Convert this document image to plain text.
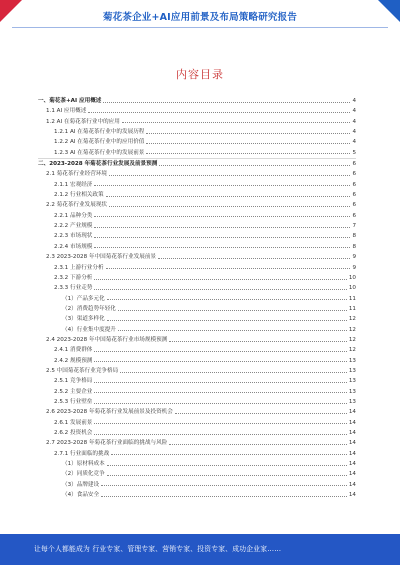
菊花茶企业+AI应用前景及布局策略研究报告
内容目录
一、菊花茶+AI 应用概述	4
1.1 AI 应用概述	4
1.2 AI 在菊花茶行业中的应用	4
1.2.1 AI 在菊花茶行业中的发展历程	4
1.2.2 AI 在菊花茶行业中的应用价值	4
1.2.3 AI 在菊花茶行业中的发展前景	5
二、2023-2028 年菊花茶行业发展及前景预测	6
2.1 菊花茶行业经营环境	6
2.1.1 宏观经济	6
2.1.2 行业相关政策	6
2.2 菊花茶行业发展现状	6
2.2.1 品种分类	6
2.2.2 产业规模	7
2.2.3 市场现状	8
2.2.4 市场规模	8
2.3 2023-2028 年中国菊花茶行业发展前景	9
2.3.1 上游行业分析	9
2.3.2 下游分析	10
2.3.3 行业走势	10
（1）产品多元化	11
（2）消费趋势年轻化	11
（3）渠道多样化	12
（4）行业集中度提升	12
2.4 2023-2028 年中国菊花茶行业市场规模预测	12
2.4.1 消费群体	12
2.4.2 规模预测	13
2.5 中国菊花茶行业竞争格局	13
2.5.1 竞争格局	13
2.5.2 主要企业	13
2.5.3 行业壁垒	13
2.6 2023-2028 年菊花茶行业发展前景及投资机会	14
2.6.1 发展前景	14
2.6.2 投资机会	14
2.7 2023-2028 年菊花茶行业面临的挑战与风险	14
2.7.1 行业面临的挑战	14
（1）原材料成本	14
（2）同质化竞争	14
（3）品牌建设	14
（4）食品安全	14
让每个人都能成为 行业专家、管理专家、营销专家、投资专家、成功企业家……
